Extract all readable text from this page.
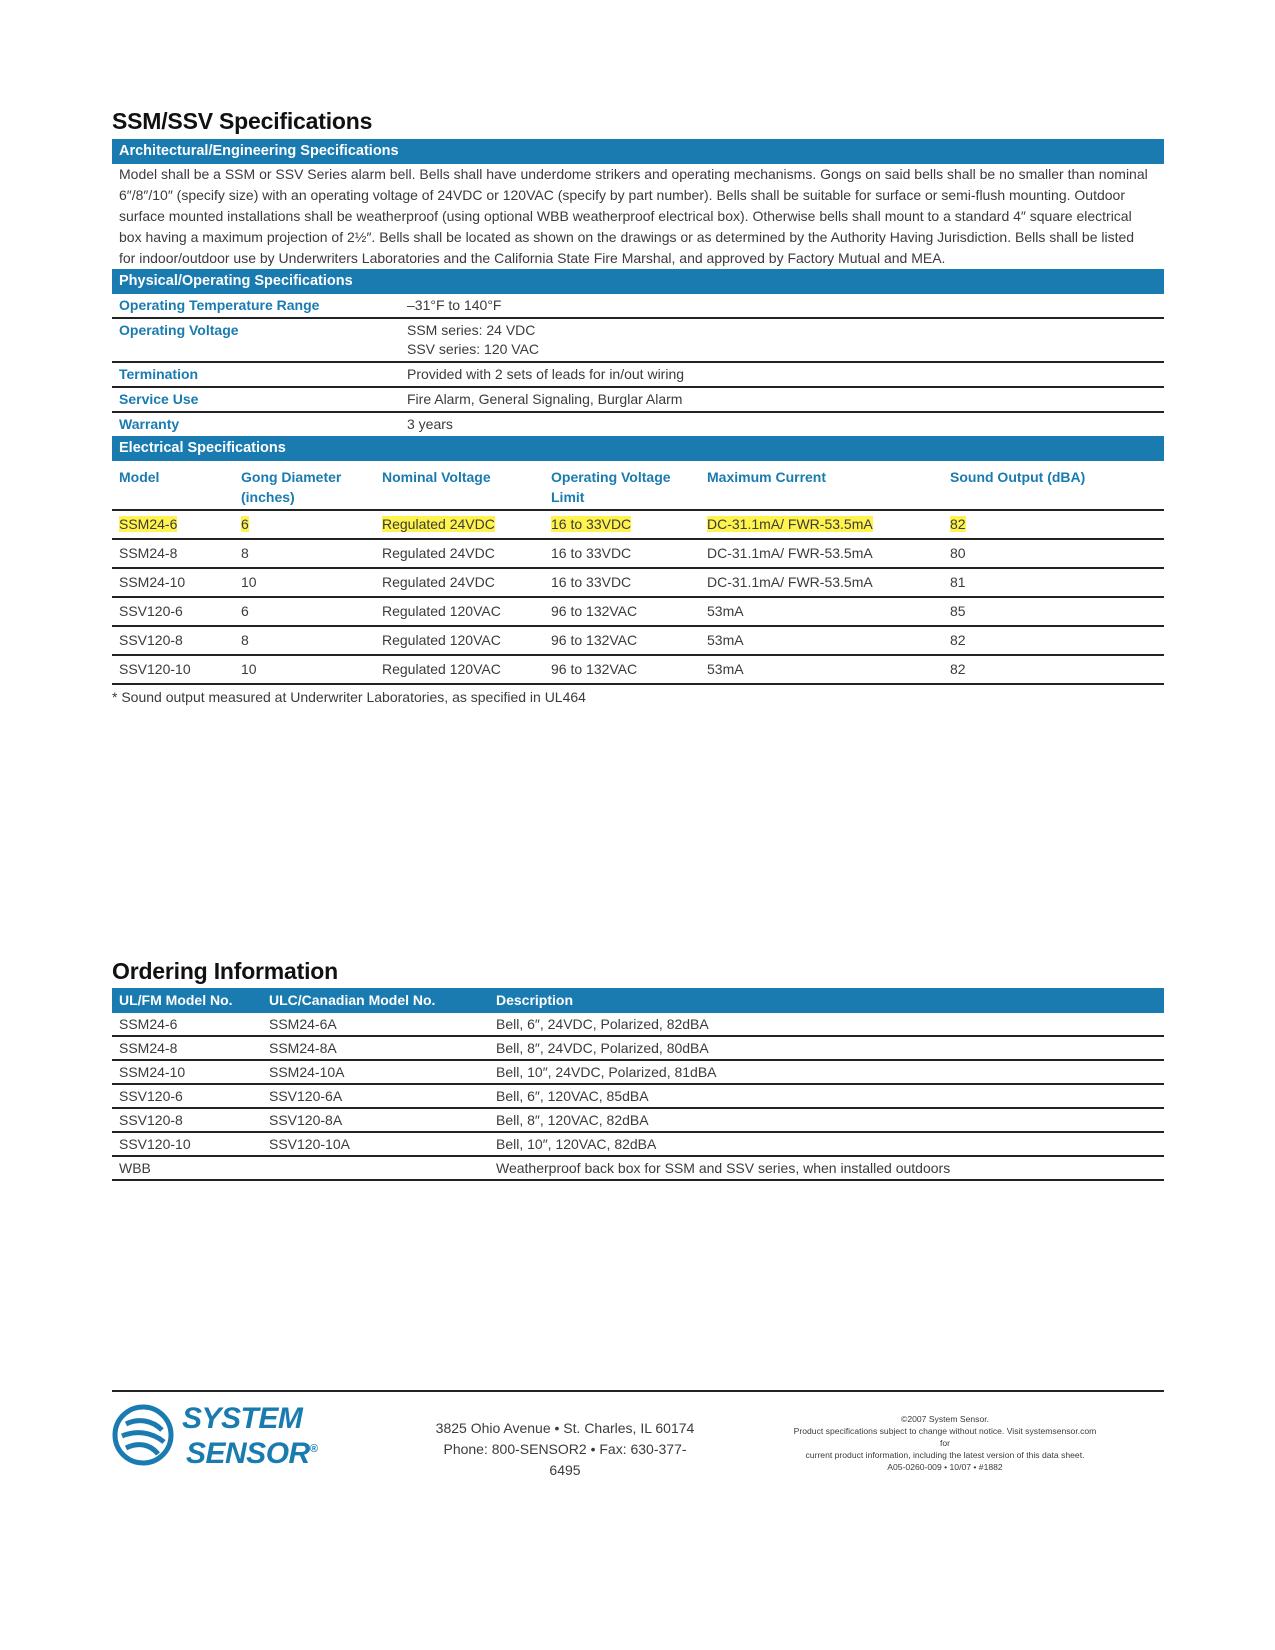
SSM/SSV Specifications
Architectural/Engineering Specifications
Model shall be a SSM or SSV Series alarm bell. Bells shall have underdome strikers and operating mechanisms. Gongs on said bells shall be no smaller than nominal 6″/8″/10″ (specify size) with an operating voltage of 24VDC or 120VAC (specify by part number). Bells shall be suitable for surface or semi-flush mounting. Outdoor surface mounted installations shall be weatherproof (using optional WBB weatherproof electrical box). Otherwise bells shall mount to a standard 4″ square electrical box having a maximum projection of 2½″. Bells shall be located as shown on the drawings or as determined by the Authority Having Jurisdiction. Bells shall be listed for indoor/outdoor use by Underwriters Laboratories and the California State Fire Marshal, and approved by Factory Mutual and MEA.
Physical/Operating Specifications
Operating Temperature Range	–31°F to 140°F
Operating Voltage	SSM series: 24 VDC
SSV series: 120 VAC

Termination	Provided with 2 sets of leads for in/out wiring
Service Use	Fire Alarm, General Signaling, Burglar Alarm
Warranty	3 years
Electrical Specifications
Model	Gong Diameter (inches)	Nominal Voltage	Operating Voltage Limit	Maximum Current	Sound Output (dBA)
SSM24-6	6	Regulated 24VDC	16 to 33VDC	DC-31.1mA/ FWR-53.5mA	82
SSM24-8	8	Regulated 24VDC	16 to 33VDC	DC-31.1mA/ FWR-53.5mA	80
SSM24-10	10	Regulated 24VDC	16 to 33VDC	DC-31.1mA/ FWR-53.5mA	81
SSV120-6	6	Regulated 120VAC	96 to 132VAC	53mA	85
SSV120-8	8	Regulated 120VAC	96 to 132VAC	53mA	82
SSV120-10	10	Regulated 120VAC	96 to 132VAC	53mA	82
* Sound output measured at Underwriter Laboratories, as specified in UL464
Ordering Information
UL/FM Model No.	ULC/Canadian Model No.	Description
SSM24-6	SSM24-6A	Bell, 6″, 24VDC, Polarized, 82dBA
SSM24-8	SSM24-8A	Bell, 8″, 24VDC, Polarized, 80dBA
SSM24-10	SSM24-10A	Bell, 10″, 24VDC, Polarized, 81dBA
SSV120-6	SSV120-6A	Bell, 6″, 120VAC, 85dBA
SSV120-8	SSV120-8A	Bell, 8″, 120VAC, 82dBA
SSV120-10	SSV120-10A	Bell, 10″, 120VAC, 82dBA
WBB		Weatherproof back box for SSM and SSV series, when installed outdoors
SYSTEM
SENSOR®
3825 Ohio Avenue • St. Charles, IL 60174
Phone: 800-SENSOR2 • Fax: 630-377-6495
©2007 System Sensor.
Product specifications subject to change without notice. Visit systemsensor.com for
current product information, including the latest version of this data sheet.
A05-0260-009 • 10/07 • #1882
